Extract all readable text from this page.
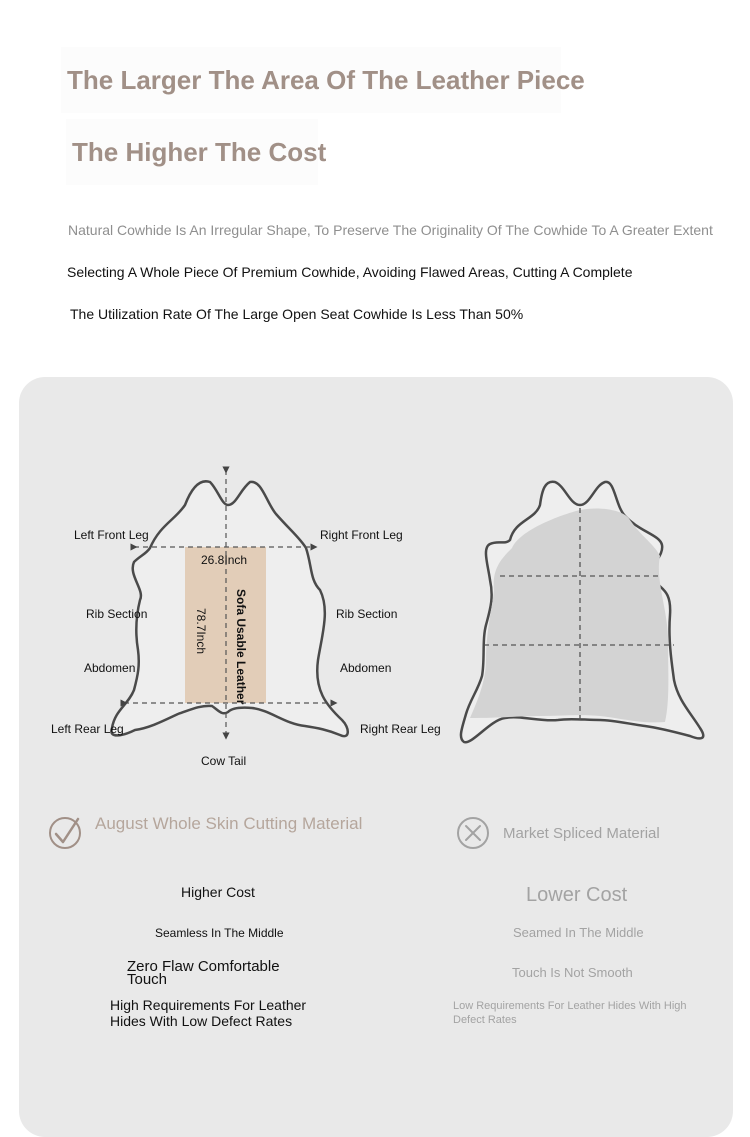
The Larger The Area Of The Leather Piece
The Higher The Cost
Natural Cowhide Is An Irregular Shape, To Preserve The Originality Of The Cowhide To A Greater Extent
Selecting A Whole Piece Of Premium Cowhide, Avoiding Flawed Areas, Cutting A Complete
The Utilization Rate Of The Large Open Seat Cowhide Is Less Than 50%
Left Front Leg	Right Front Leg
Rib Section	Rib Section
Abdomen	Abdomen
Left Rear Leg	Right Rear Leg
Cow Tail
26.8Inch
78.7Inch Sofa Usable Leather
August Whole Skin Cutting Material
Higher Cost
Seamless In The Middle
Zero Flaw Comfortable Touch
High Requirements For Leather Hides With Low Defect Rates
Market Spliced Material
Lower Cost
Seamed In The Middle
Touch Is Not Smooth
Low Requirements For Leather Hides With High Defect Rates
